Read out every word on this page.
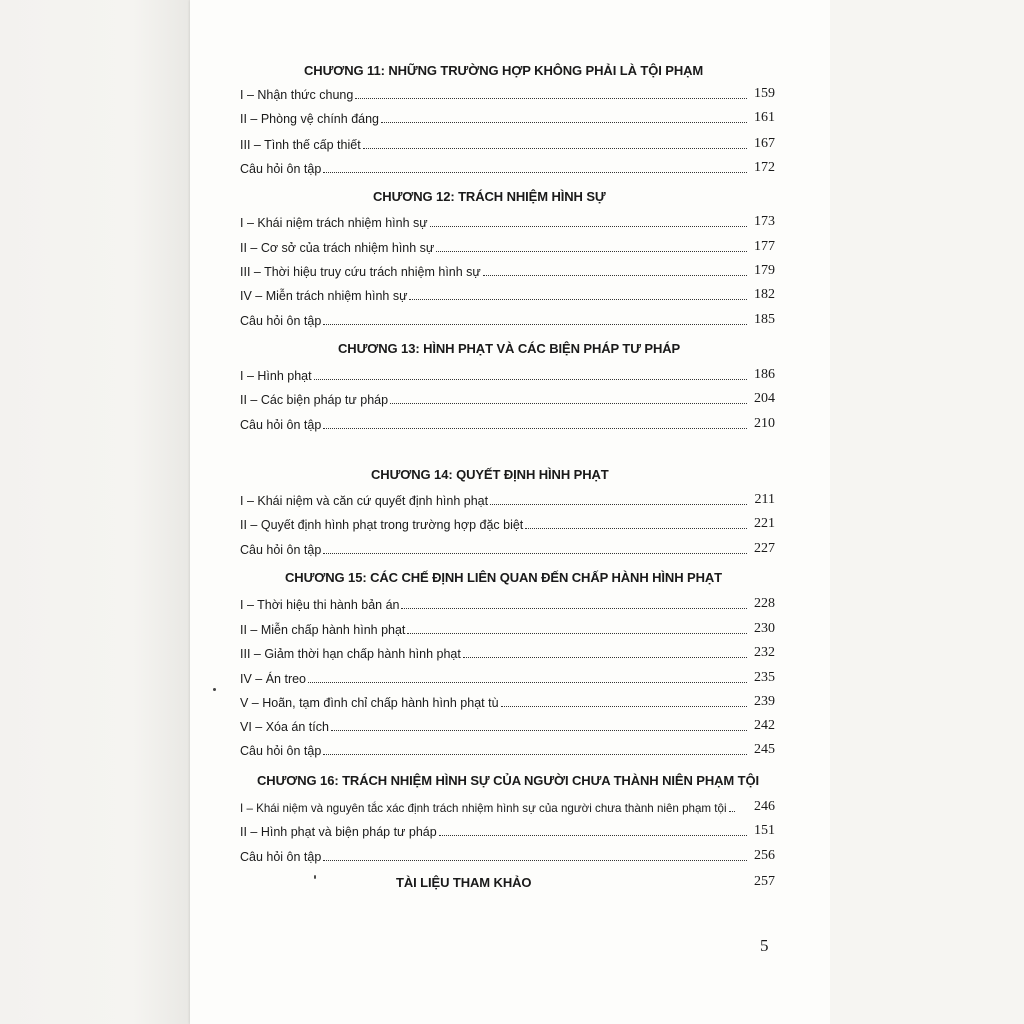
CHƯƠNG 11: NHỮNG TRƯỜNG HỢP KHÔNG PHẢI LÀ TỘI PHẠM
I – Nhận thức chung	159
II – Phòng vệ chính đáng	161
III – Tình thế cấp thiết	167
Câu hỏi ôn tập	172
CHƯƠNG 12: TRÁCH NHIỆM HÌNH SỰ
I – Khái niệm trách nhiệm hình sự	173
II – Cơ sở của trách nhiệm hình sự	177
III – Thời hiệu truy cứu trách nhiệm hình sự	179
IV – Miễn trách nhiệm hình sự	182
Câu hỏi ôn tập	185
CHƯƠNG 13: HÌNH PHẠT VÀ CÁC BIỆN PHÁP TƯ PHÁP
I – Hình phạt	186
II – Các biện pháp tư pháp	204
Câu hỏi ôn tập	210
CHƯƠNG 14: QUYẾT ĐỊNH HÌNH PHẠT
I – Khái niệm và căn cứ quyết định hình phạt	211
II – Quyết định hình phạt trong trường hợp đặc biệt	221
Câu hỏi ôn tập	227
CHƯƠNG 15: CÁC CHẾ ĐỊNH LIÊN QUAN ĐẾN CHẤP HÀNH HÌNH PHẠT
I – Thời hiệu thi hành bản án	228
II – Miễn chấp hành hình phạt	230
III – Giảm thời hạn chấp hành hình phạt	232
IV – Án treo	235
V – Hoãn, tạm đình chỉ chấp hành hình phạt tù	239
VI – Xóa án tích	242
Câu hỏi ôn tập	245
CHƯƠNG 16: TRÁCH NHIỆM HÌNH SỰ CỦA NGƯỜI CHƯA THÀNH NIÊN PHẠM TỘI
I – Khái niệm và nguyên tắc xác định trách nhiệm hình sự của người chưa thành niên phạm tội	246
II – Hình phạt và biện pháp tư pháp	151
Câu hỏi ôn tập	256
TÀI LIỆU THAM KHẢO	257
5
